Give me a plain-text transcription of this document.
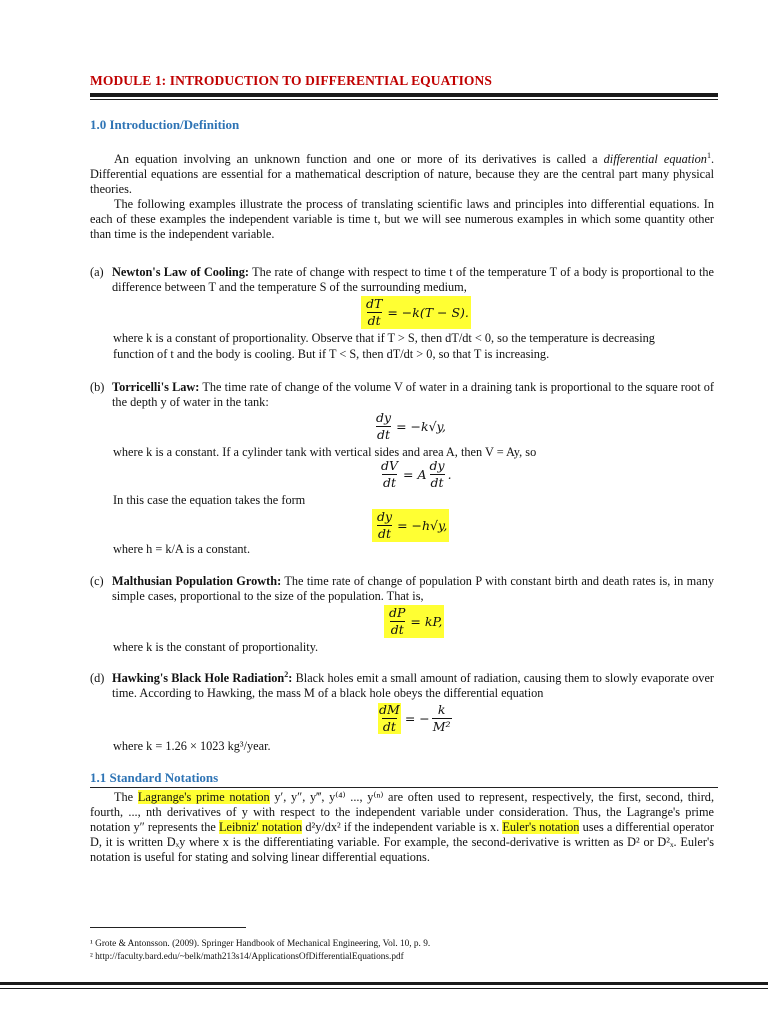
MODULE 1: INTRODUCTION TO DIFFERENTIAL EQUATIONS
1.0 Introduction/Definition

An equation involving an unknown function and one or more of its derivatives is called a differential equation$^1$. Differential equations are essential for a mathematical description of nature, because they are the central part many physical theories.

The following examples illustrate the process of translating scientific laws and principles into differential equations. In each of these examples the independent variable is time t, but we will see numerous examples in which some quantity other than time is the independent variable.

(a) Newton's Law of Cooling: The rate of change with respect to time t of the temperature T of a body is proportional to the difference between T and the temperature S of the surrounding medium,
$\frac{dT}{dt} = -k(T - S)$.
where k is a constant of proportionality. Observe that if T > S, then dT/dt < 0, so the temperature is decreasing
function of t and the body is cooling. But if T < S, then dT/dt > 0, so that T is increasing.
(b) Torricelli's Law: The time rate of change of the volume V of water in a draining tank is proportional to the square root of the depth y of water in the tank:
$\frac{dy}{dt} = -k√y$,
where k is a constant. If a cylinder tank with vertical sides and area A, then V = Ay, so
$\frac{dV}{dt} = A \frac{dy}{dt}$ .
In this case the equation takes the form
$\frac{dy}{dt} = -h√y$,
where h = k/A is a constant.
(c) Malthusian Population Growth: The time rate of change of population P with constant birth and death rates is, in many simple cases, proportional to the size of the population. That is,
$\frac{dP}{dt}$ = kP,
where k is the constant of proportionality.
(d) Hawking's Black Hole Radiation$^2$: Black holes emit a small amount of radiation, causing them to slowly evaporate over time. According to Hawking, the mass M of a black hole obeys the differential equation
$\frac{dM}{dt}$ = − $\frac{k}{\text{M²}}$
where k = 1.26 × 1023 kg³/year.
1.1 Standard Notations

The Lagrange's prime notation y′, y″, y‴, y⁽⁴⁾ ..., y⁽ⁿ⁾ are often used to represent, respectively, the first, second, third, fourth, ..., nth derivatives of y with respect to the independent variable under consideration. Thus, the Lagrange's prime notation y″ represents the Leibniz' notation d²y/dx² if the independent variable is x. Euler's notation uses a differential operator D, it is written Dₓy where x is the differentiating variable. For example, the second-derivative is written as D² or D²ₓ. Euler's notation is useful for stating and solving linear differential equations.

¹ Grote & Antonsson. (2009). Springer Handbook of Mechanical Engineering, Vol. 10, p. 9.
² http://faculty.bard.edu/~belk/math213s14/ApplicationsOfDifferentialEquations.pdf
